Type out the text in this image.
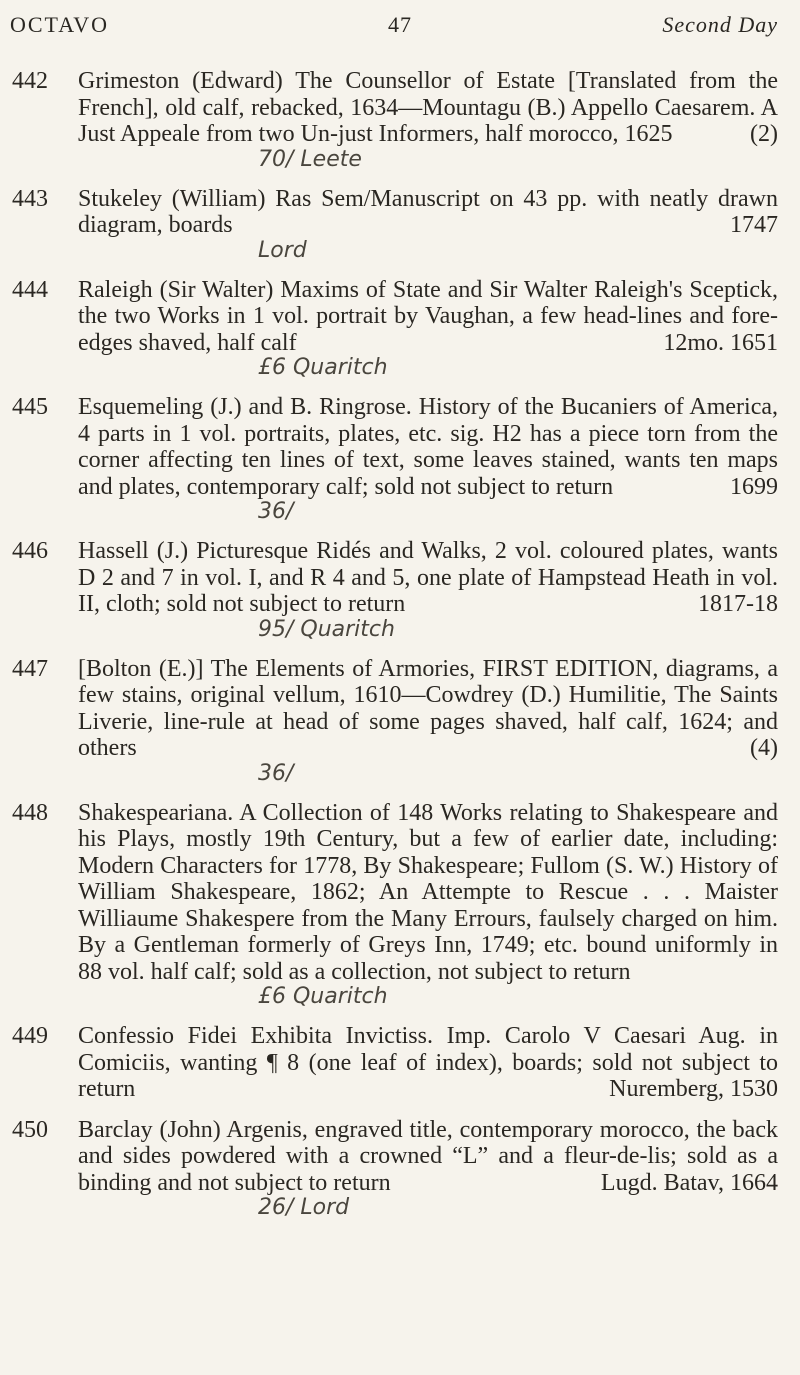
OCTAVO	47	Second Day
442	Grimeston (Edward) The Counsellor of Estate [Translated from the French], old calf, rebacked, 1634—Mountagu (B.) Appello Caesarem. A Just Appeale from two Un-just Informers, half morocco, 1625	(2)
70/ Leete
443	Stukeley (William) Ras Sem/Manuscript on 43 pp. with neatly drawn diagram, boards	1747
Lord
444	Raleigh (Sir Walter) Maxims of State and Sir Walter Raleigh's Sceptick, the two Works in 1 vol. portrait by Vaughan, a few head-lines and fore-edges shaved, half calf	12mo. 1651
£6 Quaritch
445	Esquemeling (J.) and B. Ringrose. History of the Bucaniers of America, 4 parts in 1 vol. portraits, plates, etc. sig. H2 has a piece torn from the corner affecting ten lines of text, some leaves stained, wants ten maps and plates, contemporary calf; sold not subject to return	1699
36/
446	Hassell (J.) Picturesque Ridés and Walks, 2 vol. coloured plates, wants D 2 and 7 in vol. I, and R 4 and 5, one plate of Hampstead Heath in vol. II, cloth; sold not subject to return	1817-18
95/ Quaritch
447	[Bolton (E.)] The Elements of Armories, FIRST EDITION, diagrams, a few stains, original vellum, 1610—Cowdrey (D.) Humilitie, The Saints Liverie, line-rule at head of some pages shaved, half calf, 1624; and others	(4)
36/
448	Shakespeariana. A Collection of 148 Works relating to Shakespeare and his Plays, mostly 19th Century, but a few of earlier date, including: Modern Characters for 1778, By Shakespeare; Fullom (S. W.) History of William Shakespeare, 1862; An Attempte to Rescue . . . Maister Williaume Shakespere from the Many Errours, faulsely charged on him. By a Gentleman formerly of Greys Inn, 1749; etc. bound uniformly in 88 vol. half calf; sold as a collection, not subject to return
£6 Quaritch
449	Confessio Fidei Exhibita Invictiss. Imp. Carolo V Caesari Aug. in Comiciis, wanting ¶ 8 (one leaf of index), boards; sold not subject to return	Nuremberg, 1530
450	Barclay (John) Argenis, engraved title, contemporary morocco, the back and sides powdered with a crowned “L” and a fleur-de-lis; sold as a binding and not subject to return	Lugd. Batav, 1664
26/ Lord
